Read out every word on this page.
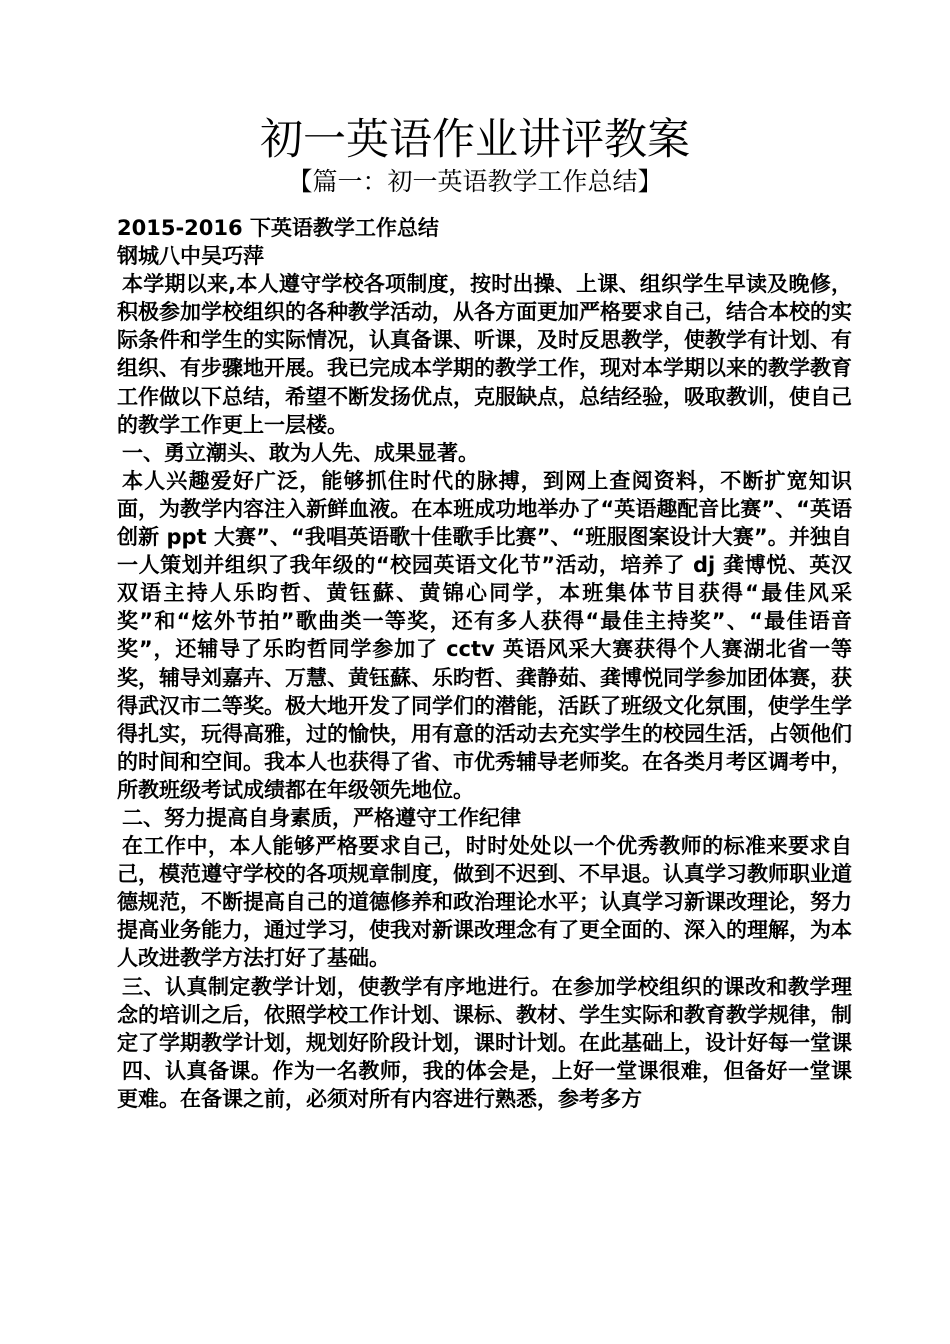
初一英语作业讲评教案
【篇一：初一英语教学工作总结】

2015-2016 下英语教学工作总结

钢城八中吴巧萍

本学期以来,本人遵守学校各项制度，按时出操、上课、组织学生早读及晚修，积极参加学校组织的各种教学活动，从各方面更加严格要求自己，结合本校的实际条件和学生的实际情况，认真备课、听课，及时反思教学，使教学有计划、有组织、有步骤地开展。我已完成本学期的教学工作，现对本学期以来的教学教育工作做以下总结，希望不断发扬优点，克服缺点，总结经验，吸取教训，使自己的教学工作更上一层楼。

一、勇立潮头、敢为人先、成果显著。

本人兴趣爱好广泛，能够抓住时代的脉搏，到网上查阅资料，不断扩宽知识面，为教学内容注入新鲜血液。在本班成功地举办了“英语趣配音比赛”、“英语创新 ppt 大赛”、“我唱英语歌十佳歌手比赛”、“班服图案设计大赛”。并独自一人策划并组织了我年级的“校园英语文化节”活动，培养了 dj 龚博悦、英汉双语主持人乐昀哲、黄钰蘇、黄锦心同学，本班集体节目获得“最佳风采奖”和“炫外节拍”歌曲类一等奖，还有多人获得“最佳主持奖”、“最佳语音奖”，还辅导了乐昀哲同学参加了 cctv 英语风采大赛获得个人赛湖北省一等奖，辅导刘嘉卉、万慧、黄钰蘇、乐昀哲、龚静茹、龚博悦同学参加团体赛，获得武汉市二等奖。极大地开发了同学们的潜能，活跃了班级文化氛围，使学生学得扎实，玩得高雅，过的愉快，用有意的活动去充实学生的校园生活，占领他们的时间和空间。我本人也获得了省、市优秀辅导老师奖。在各类月考区调考中，所教班级考试成绩都在年级领先地位。

二、努力提高自身素质，严格遵守工作纪律

在工作中，本人能够严格要求自己，时时处处以一个优秀教师的标准来要求自己，模范遵守学校的各项规章制度，做到不迟到、不早退。认真学习教师职业道德规范，不断提高自己的道德修养和政治理论水平；认真学习新课改理论，努力提高业务能力，通过学习，使我对新课改理念有了更全面的、深入的理解，为本人改进教学方法打好了基础。

三、认真制定教学计划，使教学有序地进行。在参加学校组织的课改和教学理念的培训之后，依照学校工作计划、课标、教材、学生实际和教育教学规律，制定了学期教学计划，规划好阶段计划，课时计划。在此基础上，设计好每一堂课

四、认真备课。作为一名教师，我的体会是，上好一堂课很难，但备好一堂课更难。在备课之前，必须对所有内容进行熟悉，参考多方
